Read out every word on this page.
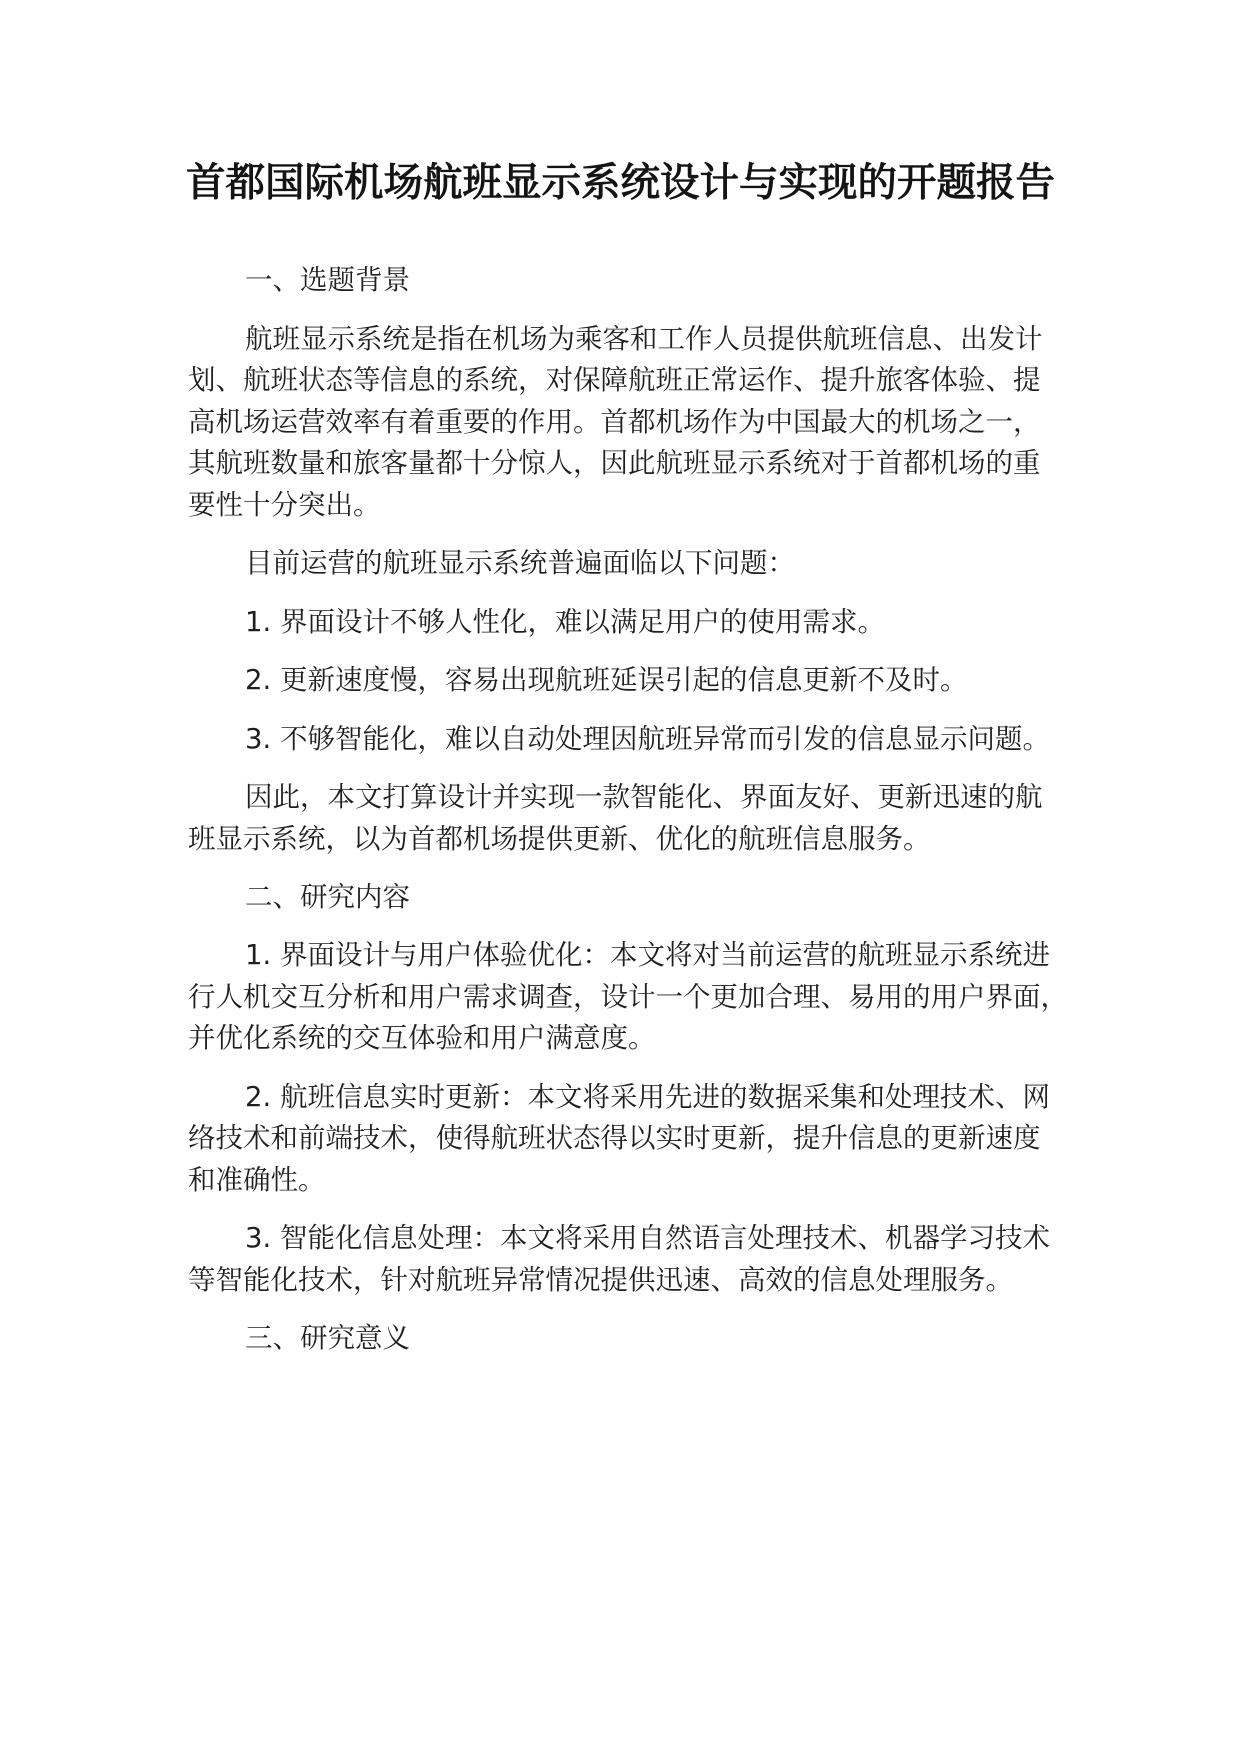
首都国际机场航班显示系统设计与实现的开题报告
一、选题背景

航班显示系统是指在机场为乘客和工作人员提供航班信息、出发计
划、航班状态等信息的系统，对保障航班正常运作、提升旅客体验、提
高机场运营效率有着重要的作用。首都机场作为中国最大的机场之一，
其航班数量和旅客量都十分惊人，因此航班显示系统对于首都机场的重
要性十分突出。

目前运营的航班显示系统普遍面临以下问题：

1. 界面设计不够人性化，难以满足用户的使用需求。

2. 更新速度慢，容易出现航班延误引起的信息更新不及时。

3. 不够智能化，难以自动处理因航班异常而引发的信息显示问题。

因此，本文打算设计并实现一款智能化、界面友好、更新迅速的航
班显示系统，以为首都机场提供更新、优化的航班信息服务。

二、研究内容

1. 界面设计与用户体验优化：本文将对当前运营的航班显示系统进
行人机交互分析和用户需求调查，设计一个更加合理、易用的用户界面，
并优化系统的交互体验和用户满意度。

2. 航班信息实时更新：本文将采用先进的数据采集和处理技术、网
络技术和前端技术，使得航班状态得以实时更新，提升信息的更新速度
和准确性。

3. 智能化信息处理：本文将采用自然语言处理技术、机器学习技术
等智能化技术，针对航班异常情况提供迅速、高效的信息处理服务。

三、研究意义
